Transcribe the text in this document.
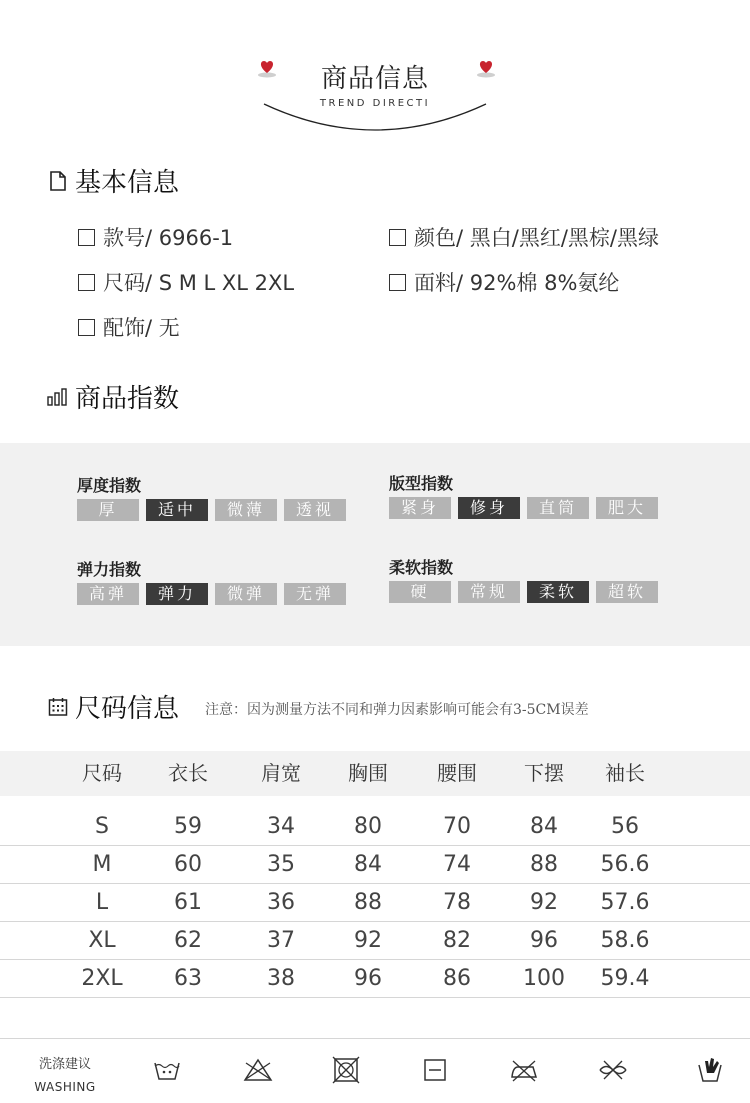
商品信息
TREND DIRECTI
基本信息
款号/ 6966-1	颜色/ 黑白/黑红/黑棕/黑绿
尺码/ S M L XL 2XL	面料/ 92%棉 8%氨纶
配饰/ 无
商品指数
厚度指数
厚	适中	微薄	透视
版型指数
紧身	修身	直筒	肥大
弹力指数
高弹	弹力	微弹	无弹
柔软指数
硬	常规	柔软	超软
尺码信息 注意：因为测量方法不同和弹力因素影响可能会有3-5CM误差
尺码	衣长	肩宽	胸围	腰围	下摆	袖长
S	59	34	80	70	84	56
M	60	35	84	74	88	56.6
L	61	36	88	78	92	57.6
XL	62	37	92	82	96	58.6
2XL	63	38	96	86	100	59.4
洗涤建议
WASHING
